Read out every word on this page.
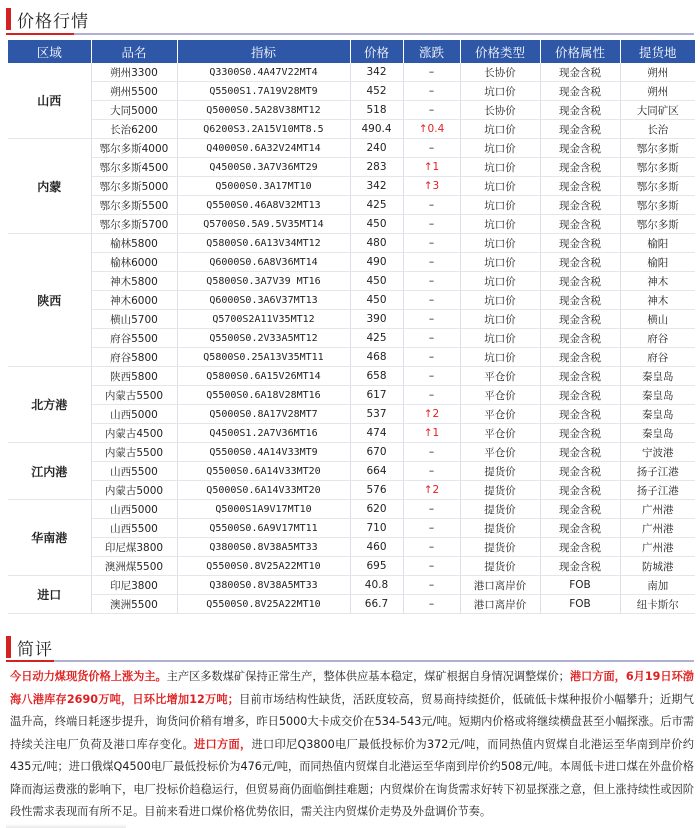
价格行情
区域	品名	指标	价格	涨跌	价格类型	价格属性	提货地
山西	朔州3300	Q3300S0.4A47V22MT4	342	–	长协价	现金含税	朔州
	朔州5500	Q5500S1.7A19V28MT9	452	–	坑口价	现金含税	朔州
	大同5000	Q5000S0.5A28V38MT12	518	–	长协价	现金含税	大同矿区
	长治6200	Q6200S3.2A15V10MT8.5	490.4	↑0.4	坑口价	现金含税	长治
内蒙	鄂尔多斯4000	Q4000S0.6A32V24MT14	240	–	坑口价	现金含税	鄂尔多斯
	鄂尔多斯4500	Q4500S0.3A7V36MT29	283	↑1	坑口价	现金含税	鄂尔多斯
	鄂尔多斯5000	Q5000S0.3A17MT10	342	↑3	坑口价	现金含税	鄂尔多斯
	鄂尔多斯5500	Q5500S0.46A8V32MT13	425	–	坑口价	现金含税	鄂尔多斯
	鄂尔多斯5700	Q5700S0.5A9.5V35MT14	450	–	坑口价	现金含税	鄂尔多斯
陕西	榆林5800	Q5800S0.6A13V34MT12	480	–	坑口价	现金含税	榆阳
	榆林6000	Q6000S0.6A8V36MT14	490	–	坑口价	现金含税	榆阳
	神木5800	Q5800S0.3A7V39 MT16	450	–	坑口价	现金含税	神木
	神木6000	Q6000S0.3A6V37MT13	450	–	坑口价	现金含税	神木
	横山5700	Q5700S2A11V35MT12	390	–	坑口价	现金含税	横山
	府谷5500	Q5500S0.2V33A5MT12	425	–	坑口价	现金含税	府谷
	府谷5800	Q5800S0.25A13V35MT11	468	–	坑口价	现金含税	府谷
北方港	陕西5800	Q5800S0.6A15V26MT14	658	–	平仓价	现金含税	秦皇岛
	内蒙古5500	Q5500S0.6A18V28MT16	617	–	平仓价	现金含税	秦皇岛
	山西5000	Q5000S0.8A17V28MT7	537	↑2	平仓价	现金含税	秦皇岛
	内蒙古4500	Q4500S1.2A7V36MT16	474	↑1	平仓价	现金含税	秦皇岛
江内港	内蒙古5500	Q5500S0.4A14V33MT9	670	–	平仓价	现金含税	宁波港
	山西5500	Q5500S0.6A14V33MT20	664	–	提货价	现金含税	扬子江港
	内蒙古5000	Q5000S0.6A14V33MT20	576	↑2	提货价	现金含税	扬子江港
华南港	山西5000	Q5000S1A9V17MT10	620	–	提货价	现金含税	广州港
	山西5500	Q5500S0.6A9V17MT11	710	–	提货价	现金含税	广州港
	印尼煤3800	Q3800S0.8V38A5MT33	460	–	提货价	现金含税	广州港
	澳洲煤5500	Q5500S0.8V25A22MT10	695	–	提货价	现金含税	防城港
进口	印尼3800	Q3800S0.8V38A5MT33	40.8	–	港口离岸价	FOB	南加
	澳洲5500	Q5500S0.8V25A22MT10	66.7	–	港口离岸价	FOB	纽卡斯尔
简评
今日动力煤现货价格上涨为主。主产区多数煤矿保持正常生产，整体供应基本稳定，煤矿根据自身情况调整煤价；港口方面，6月19日环渤海八港库存2690万吨，日环比增加12万吨；目前市场结构性缺货，活跃度较高，贸易商持续挺价，低硫低卡煤种报价小幅攀升；近期气温升高，终端日耗逐步提升，询货问价稍有增多，昨日5000大卡成交价在534-543元/吨。短期内价格或将继续横盘甚至小幅探涨。后市需持续关注电厂负荷及港口库存变化。进口方面，进口印尼Q3800电厂最低投标价为372元/吨，而同热值内贸煤自北港运至华南到岸价约435元/吨；进口俄煤Q4500电厂最低投标价为476元/吨，而同热值内贸煤自北港运至华南到岸价约508元/吨。本周低卡进口煤在外盘价格降而海运费涨的影响下，电厂投标价趋稳运行，但贸易商仍面临倒挂难题；内贸煤价在询货需求好转下初显探涨之意，但上涨持续性或因阶段性需求表现而有所不足。目前来看进口煤价格优势依旧，需关注内贸煤价走势及外盘调价节奏。
